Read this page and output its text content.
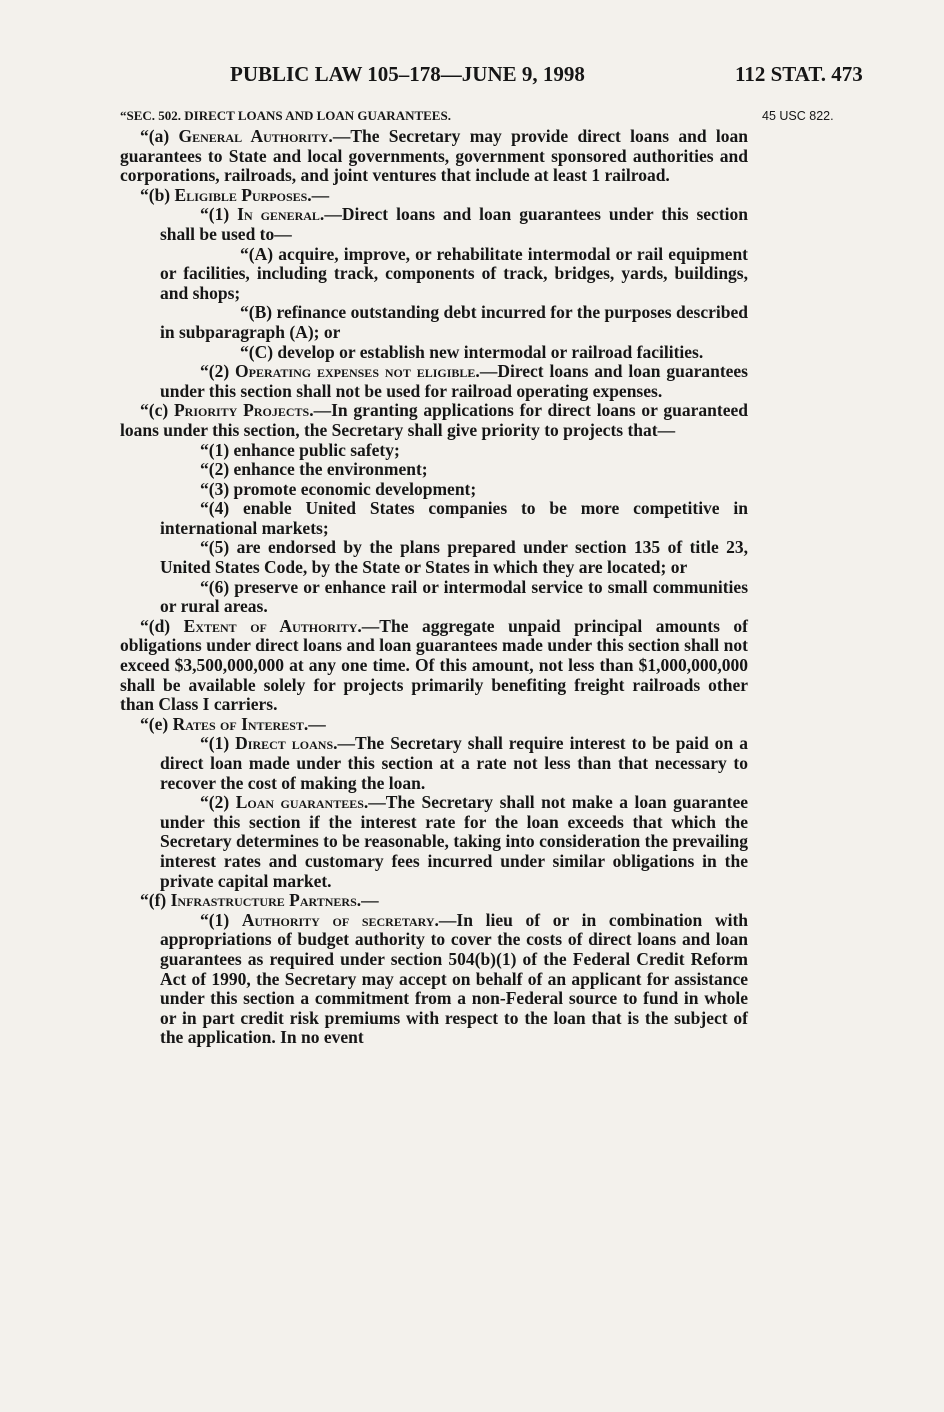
PUBLIC LAW 105–178—JUNE 9, 1998	112 STAT. 473
45 USC 822.

“SEC. 502. DIRECT LOANS AND LOAN GUARANTEES.

“(a) General Authority.—The Secretary may provide direct loans and loan guarantees to State and local governments, government sponsored authorities and corporations, railroads, and joint ventures that include at least 1 railroad.

“(b) Eligible Purposes.—

“(1) In general.—Direct loans and loan guarantees under this section shall be used to—

“(A) acquire, improve, or rehabilitate intermodal or rail equipment or facilities, including track, components of track, bridges, yards, buildings, and shops;

“(B) refinance outstanding debt incurred for the purposes described in subparagraph (A); or

“(C) develop or establish new intermodal or railroad facilities.

“(2) Operating expenses not eligible.—Direct loans and loan guarantees under this section shall not be used for railroad operating expenses.

“(c) Priority Projects.—In granting applications for direct loans or guaranteed loans under this section, the Secretary shall give priority to projects that—

“(1) enhance public safety;

“(2) enhance the environment;

“(3) promote economic development;

“(4) enable United States companies to be more competitive in international markets;

“(5) are endorsed by the plans prepared under section 135 of title 23, United States Code, by the State or States in which they are located; or

“(6) preserve or enhance rail or intermodal service to small communities or rural areas.

“(d) Extent of Authority.—The aggregate unpaid principal amounts of obligations under direct loans and loan guarantees made under this section shall not exceed $3,500,000,000 at any one time. Of this amount, not less than $1,000,000,000 shall be available solely for projects primarily benefiting freight railroads other than Class I carriers.

“(e) Rates of Interest.—

“(1) Direct loans.—The Secretary shall require interest to be paid on a direct loan made under this section at a rate not less than that necessary to recover the cost of making the loan.

“(2) Loan guarantees.—The Secretary shall not make a loan guarantee under this section if the interest rate for the loan exceeds that which the Secretary determines to be reasonable, taking into consideration the prevailing interest rates and customary fees incurred under similar obligations in the private capital market.

“(f) Infrastructure Partners.—

“(1) Authority of secretary.—In lieu of or in combination with appropriations of budget authority to cover the costs of direct loans and loan guarantees as required under section 504(b)(1) of the Federal Credit Reform Act of 1990, the Secretary may accept on behalf of an applicant for assistance under this section a commitment from a non-Federal source to fund in whole or in part credit risk premiums with respect to the loan that is the subject of the application. In no event
